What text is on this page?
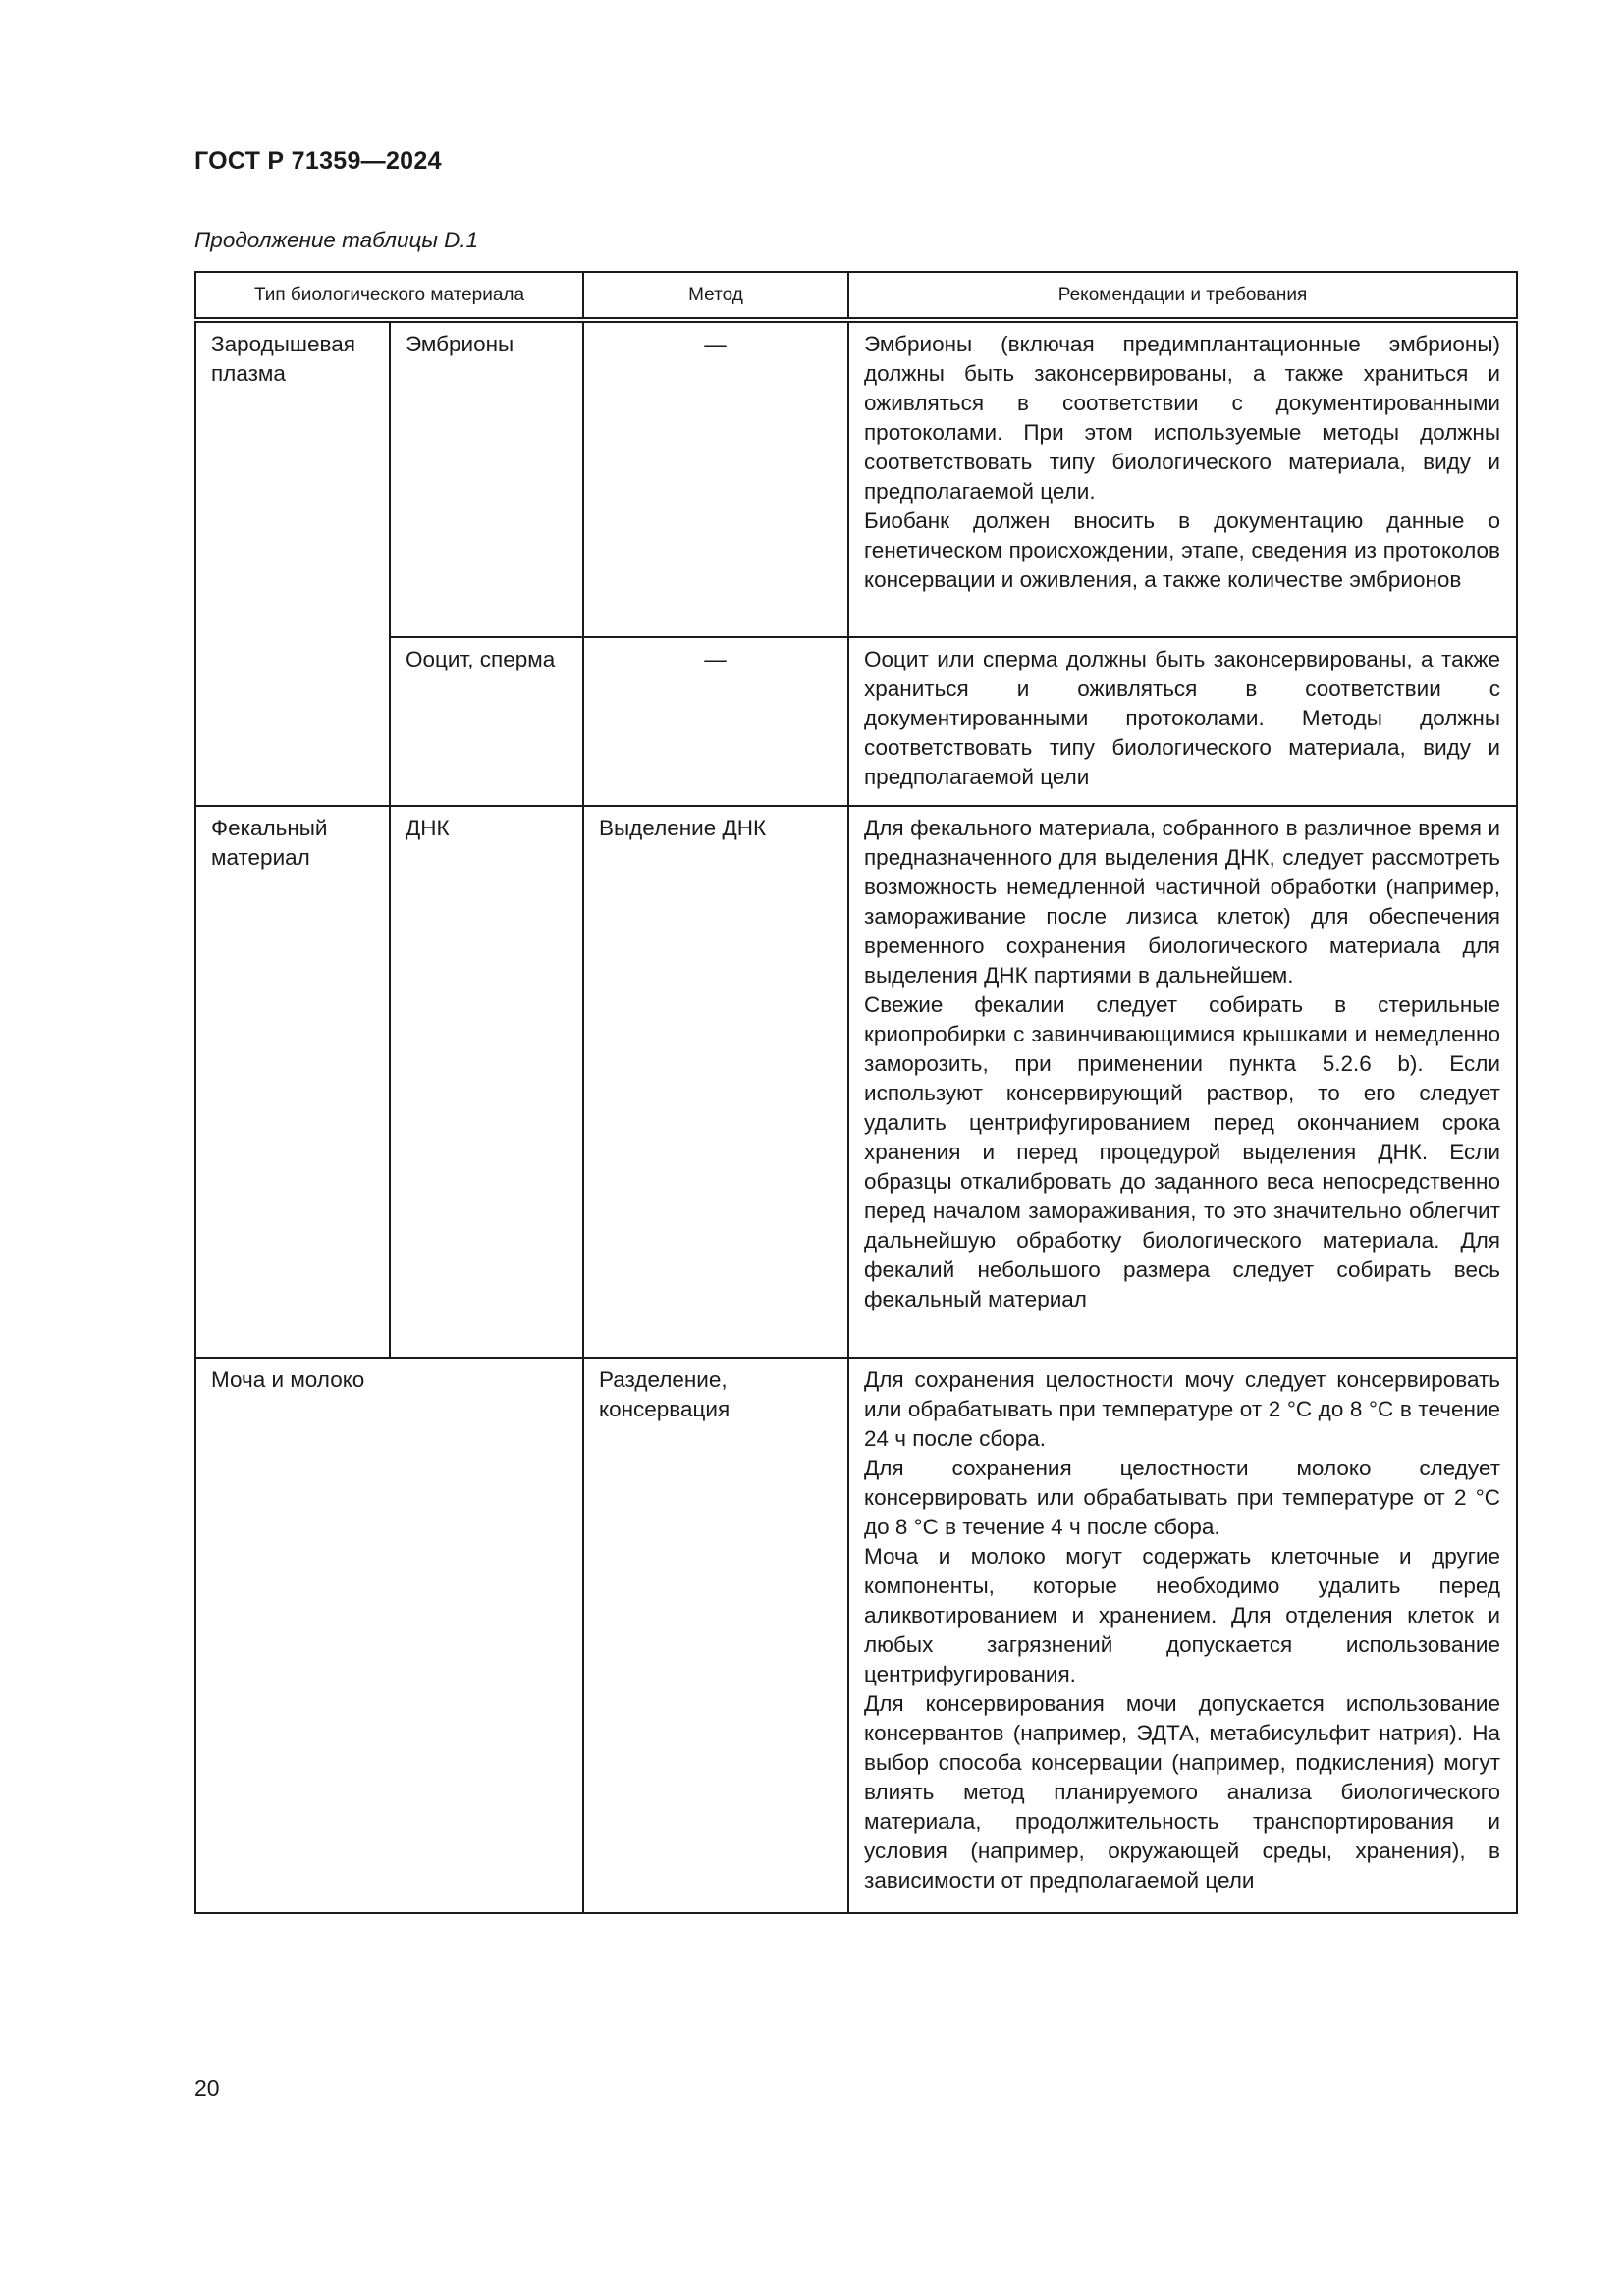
ГОСТ Р 71359—2024
Продолжение таблицы D.1
Тип биологического материала		Метод	Рекомендации и требования
Зародышевая плазма	Эмбрионы	—	Эмбрионы (включая предимплантационные эмбрионы) должны быть законсервированы, а также храниться и оживляться в соответствии с документированными протоколами. При этом используемые методы должны соответствовать типу биологического материала, виду и предполагаемой цели.

Биобанк должен вносить в документацию данные о генетическом происхождении, этапе, сведения из протоколов консервации и оживления, а также количестве эмбрионов

	Ооцит, сперма	—	Ооцит или сперма должны быть законсервированы, а также храниться и оживляться в соответствии с документированными протоколами. Методы должны соответствовать типу биологического материала, виду и предполагаемой цели

Фекальный материал	ДНК	Выделение ДНК	Для фекального материала, собранного в различное время и предназначенного для выделения ДНК, следует рассмотреть возможность немедленной частичной обработки (например, замораживание после лизиса клеток) для обеспечения временного сохранения биологического материала для выделения ДНК партиями в дальнейшем.

Свежие фекалии следует собирать в стерильные криопробирки с завинчивающимися крышками и немедленно заморозить, при применении пункта 5.2.6 b). Если используют консервирующий раствор, то его следует удалить центрифугированием перед окончанием срока хранения и перед процедурой выделения ДНК. Если образцы откалибровать до заданного веса непосредственно перед началом замораживания, то это значительно облегчит дальнейшую обработку биологического материала. Для фекалий небольшого размера следует собирать весь фекальный материал

Моча и молоко		Разделение, консервация	Для сохранения целостности мочу следует консервировать или обрабатывать при температуре от 2 °С до 8 °С в течение 24 ч после сбора.

Для сохранения целостности молоко следует консервировать или обрабатывать при температуре от 2 °С до 8 °С в течение 4 ч после сбора.

Моча и молоко могут содержать клеточные и другие компоненты, которые необходимо удалить перед аликвотированием и хранением. Для отделения клеток и любых загрязнений допускается использование центрифугирования.

Для консервирования мочи допускается использование консервантов (например, ЭДТА, метабисульфит натрия). На выбор способа консервации (например, подкисления) могут влиять метод планируемого анализа биологического материала, продолжительность транспортирования и условия (например, окружающей среды, хранения), в зависимости от предполагаемой цели

20
